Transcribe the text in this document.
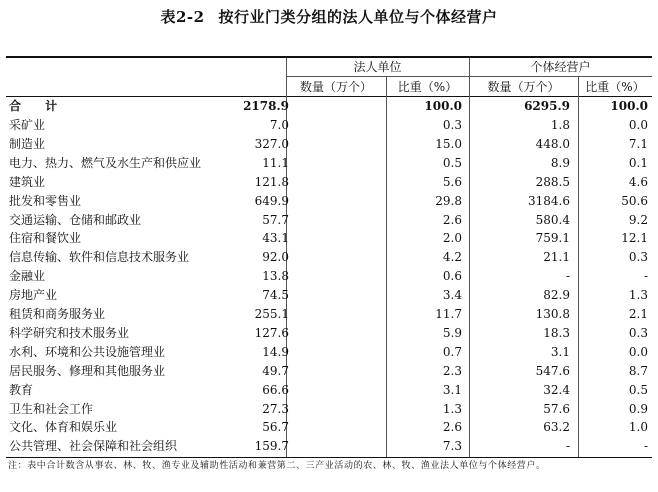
表2-2 按行业门类分组的法人单位与个体经营户
法人单位	个体经营户
数量（万个）	比重（%）	数量（万个）	比重（%）
合 计	2178.9	100.0	6295.9	100.0
采矿业	7.0	0.3	1.8	0.0
制造业	327.0	15.0	448.0	7.1
电力、热力、燃气及水生产和供应业	11.1	0.5	8.9	0.1
建筑业	121.8	5.6	288.5	4.6
批发和零售业	649.9	29.8	3184.6	50.6
交通运输、仓储和邮政业	57.7	2.6	580.4	9.2
住宿和餐饮业	43.1	2.0	759.1	12.1
信息传输、软件和信息技术服务业	92.0	4.2	21.1	0.3
金融业	13.8	0.6	-	-
房地产业	74.5	3.4	82.9	1.3
租赁和商务服务业	255.1	11.7	130.8	2.1
科学研究和技术服务业	127.6	5.9	18.3	0.3
水利、环境和公共设施管理业	14.9	0.7	3.1	0.0
居民服务、修理和其他服务业	49.7	2.3	547.6	8.7
教育	66.6	3.1	32.4	0.5
卫生和社会工作	27.3	1.3	57.6	0.9
文化、体育和娱乐业	56.7	2.6	63.2	1.0
公共管理、社会保障和社会组织	159.7	7.3	-	-
注：表中合计数含从事农、林、牧、渔专业及辅助性活动和兼营第二、三产业活动的农、林、牧、渔业法人单位与个体经营户。
